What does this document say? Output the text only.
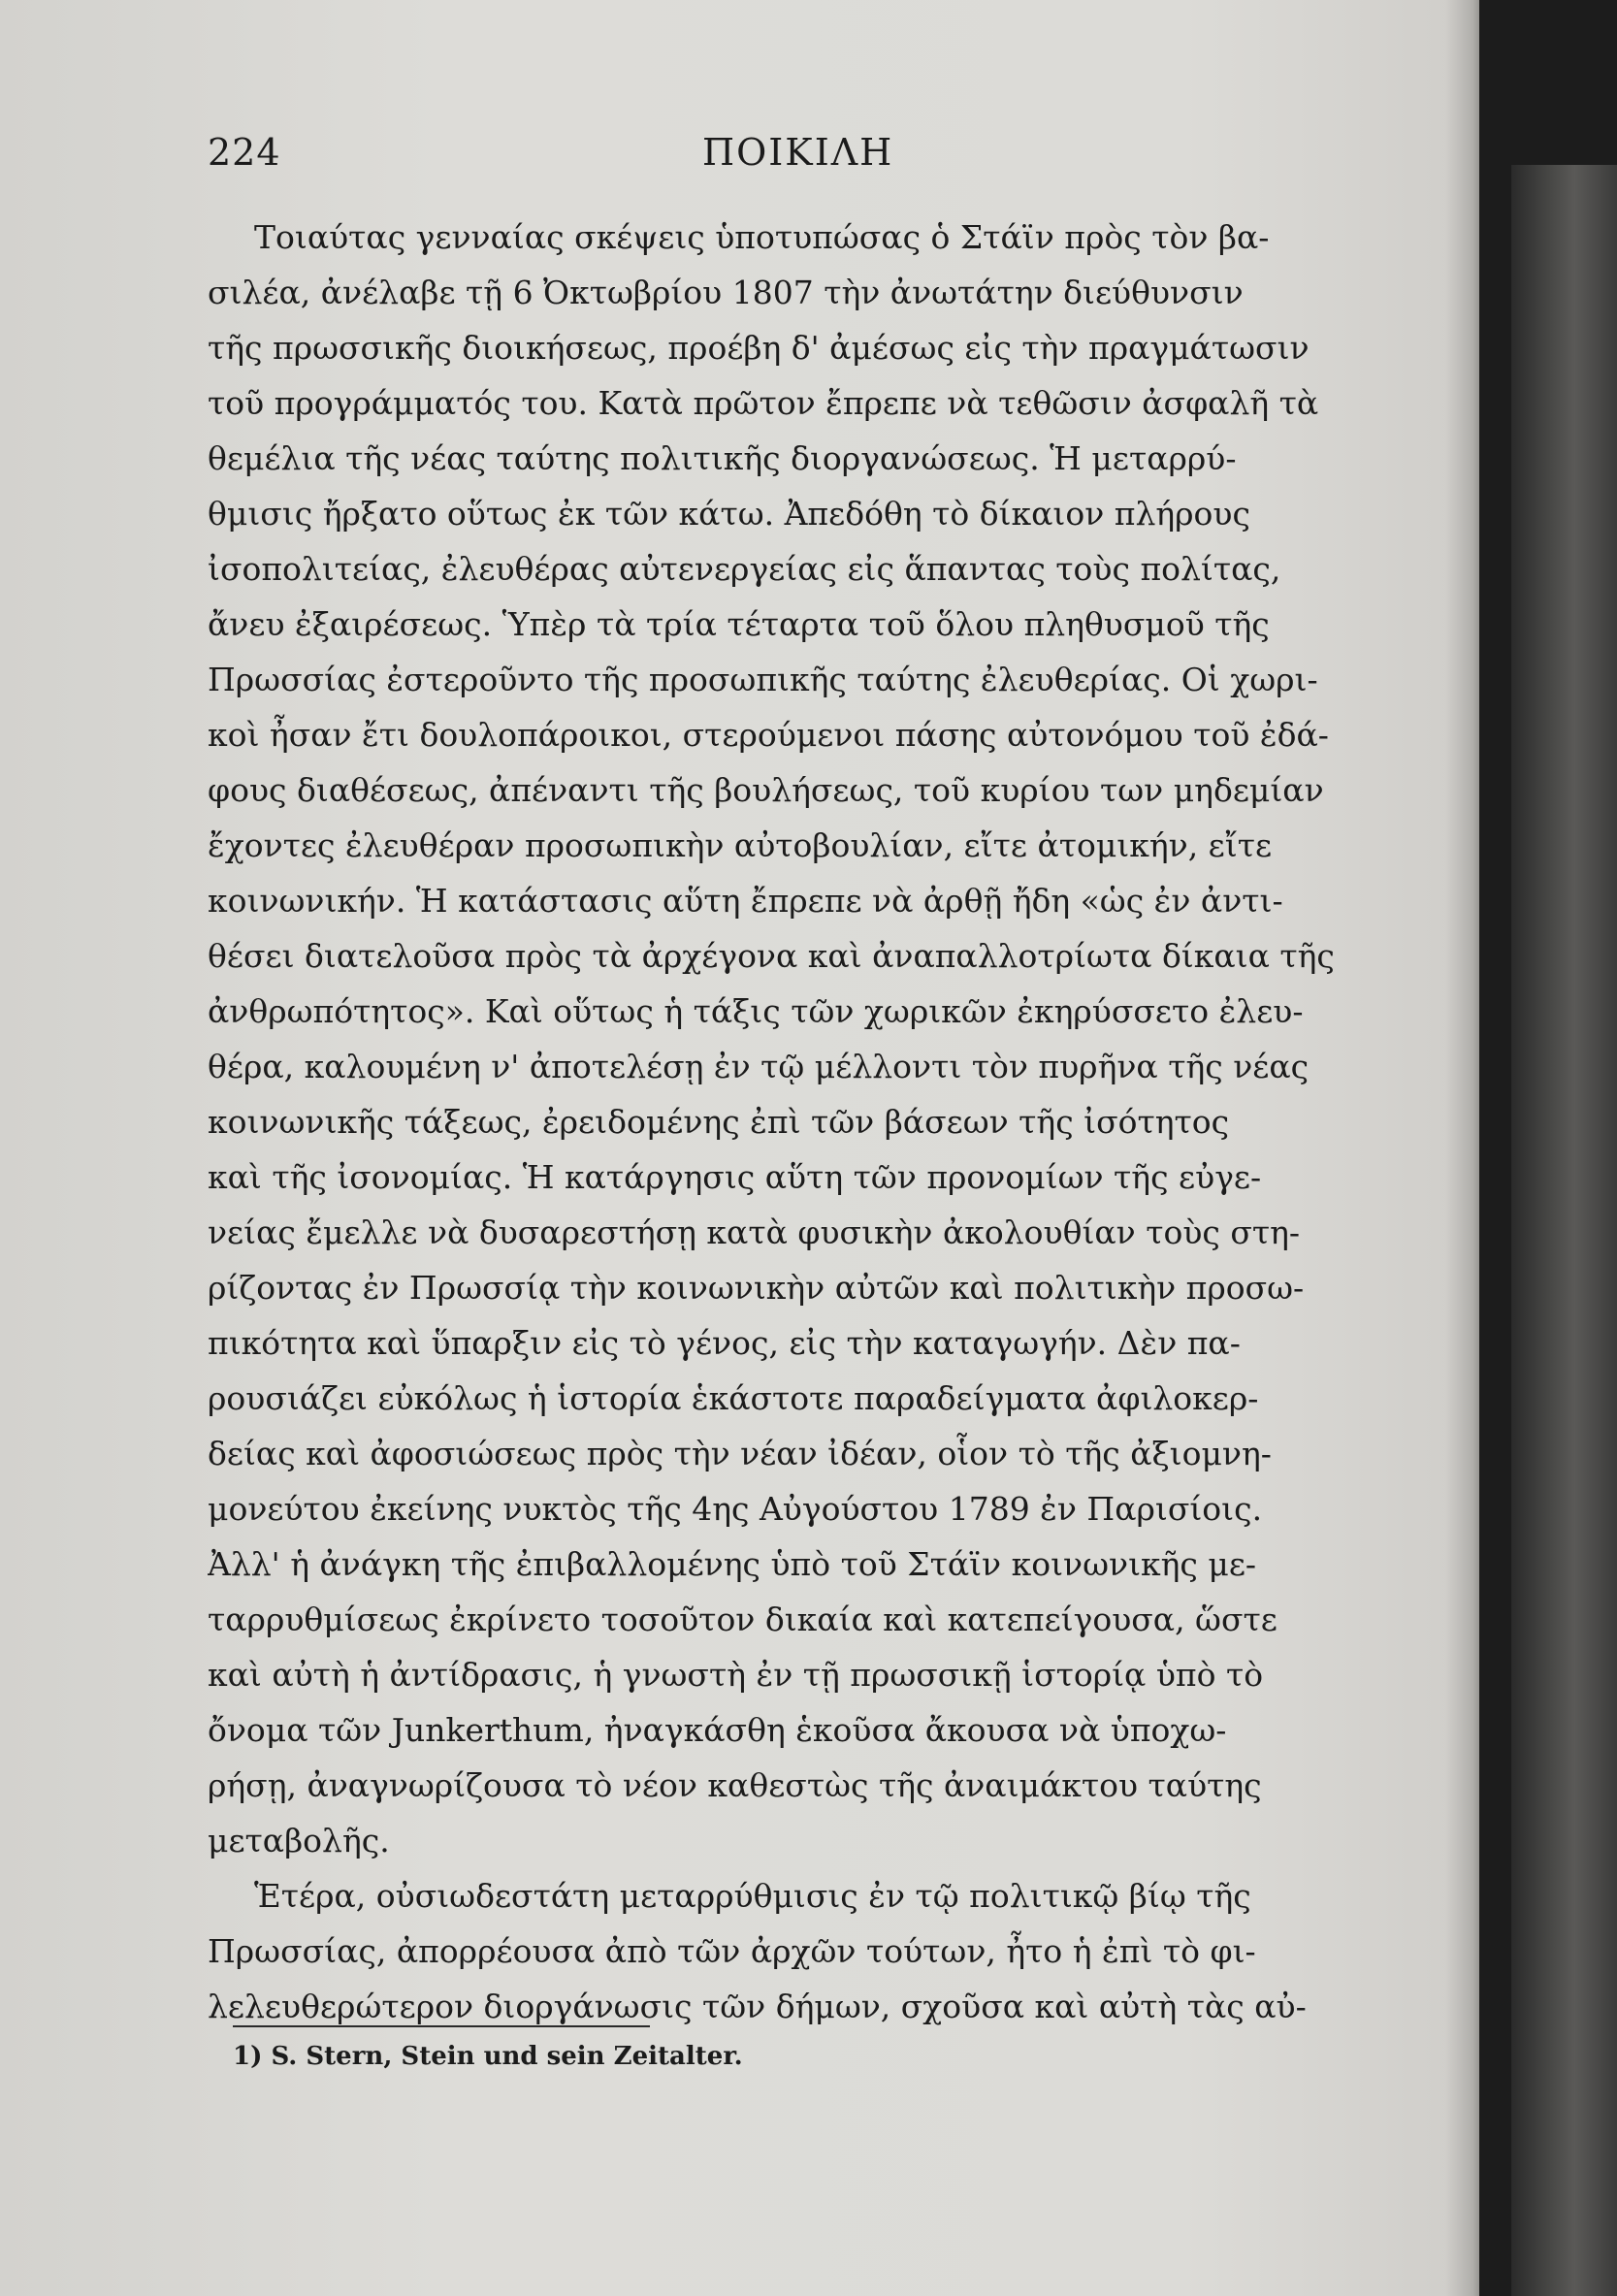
224	ΠΟΙΚΙΛΗ
Τοιαύτας γενναίας σκέψεις ὑποτυπώσας ὁ Στάϊν πρὸς τὸν βα-
σιλέα, ἀνέλαβε τῇ 6 Ὀκτωβρίου 1807 τὴν ἀνωτάτην διεύθυνσιν
τῆς πρωσσικῆς διοικήσεως, προέβη δ' ἀμέσως εἰς τὴν πραγμάτωσιν
τοῦ προγράμματός του. Κατὰ πρῶτον ἔπρεπε νὰ τεθῶσιν ἀσφαλῆ τὰ
θεμέλια τῆς νέας ταύτης πολιτικῆς διοργανώσεως. Ἡ μεταρρύ-
θμισις ἤρξατο οὕτως ἐκ τῶν κάτω. Ἀπεδόθη τὸ δίκαιον πλήρους
ἰσοπολιτείας, ἐλευθέρας αὐτενεργείας εἰς ἅπαντας τοὺς πολίτας,
ἄνευ ἐξαιρέσεως. Ὑπὲρ τὰ τρία τέταρτα τοῦ ὅλου πληθυσμοῦ τῆς
Πρωσσίας ἐστεροῦντο τῆς προσωπικῆς ταύτης ἐλευθερίας. Οἱ χωρι-
κοὶ ἦσαν ἔτι δουλοπάροικοι, στερούμενοι πάσης αὐτονόμου τοῦ ἐδά-
φους διαθέσεως, ἀπέναντι τῆς βουλήσεως, τοῦ κυρίου των μηδεμίαν
ἔχοντες ἐλευθέραν προσωπικὴν αὐτοβουλίαν, εἴτε ἀτομικήν, εἴτε
κοινωνικήν. Ἡ κατάστασις αὕτη ἔπρεπε νὰ ἀρθῇ ἤδη «ὡς ἐν ἀντι-
θέσει διατελοῦσα πρὸς τὰ ἀρχέγονα καὶ ἀναπαλλοτρίωτα δίκαια τῆς
ἀνθρωπότητος». Καὶ οὕτως ἡ τάξις τῶν χωρικῶν ἐκηρύσσετο ἐλευ-
θέρα, καλουμένη ν' ἀποτελέσῃ ἐν τῷ μέλλοντι τὸν πυρῆνα τῆς νέας
κοινωνικῆς τάξεως, ἐρειδομένης ἐπὶ τῶν βάσεων τῆς ἰσότητος
καὶ τῆς ἰσονομίας. Ἡ κατάργησις αὕτη τῶν προνομίων τῆς εὐγε-
νείας ἔμελλε νὰ δυσαρεστήσῃ κατὰ φυσικὴν ἀκολουθίαν τοὺς στη-
ρίζοντας ἐν Πρωσσίᾳ τὴν κοινωνικὴν αὐτῶν καὶ πολιτικὴν προσω-
πικότητα καὶ ὕπαρξιν εἰς τὸ γένος, εἰς τὴν καταγωγήν. Δὲν πα-
ρουσιάζει εὐκόλως ἡ ἱστορία ἑκάστοτε παραδείγματα ἀφιλοκερ-
δείας καὶ ἀφοσιώσεως πρὸς τὴν νέαν ἰδέαν, οἷον τὸ τῆς ἀξιομνη-
μονεύτου ἐκείνης νυκτὸς τῆς 4ης Αὐγούστου 1789 ἐν Παρισίοις.
Ἀλλ' ἡ ἀνάγκη τῆς ἐπιβαλλομένης ὑπὸ τοῦ Στάϊν κοινωνικῆς με-
ταρρυθμίσεως ἐκρίνετο τοσοῦτον δικαία καὶ κατεπείγουσα, ὥστε
καὶ αὐτὴ ἡ ἀντίδρασις, ἡ γνωστὴ ἐν τῇ πρωσσικῇ ἱστορίᾳ ὑπὸ τὸ
ὄνομα τῶν Junkerthum, ἠναγκάσθη ἑκοῦσα ἄκουσα νὰ ὑποχω-
ρήσῃ, ἀναγνωρίζουσα τὸ νέον καθεστὼς τῆς ἀναιμάκτου ταύτης
μεταβολῆς.
Ἑτέρα, οὐσιωδεστάτη μεταρρύθμισις ἐν τῷ πολιτικῷ βίῳ τῆς
Πρωσσίας, ἀπορρέουσα ἀπὸ τῶν ἀρχῶν τούτων, ἦτο ἡ ἐπὶ τὸ φι-
λελευθερώτερον διοργάνωσις τῶν δήμων, σχοῦσα καὶ αὐτὴ τὰς αὐ-
1) S. Stern, Stein und sein Zeitalter.
